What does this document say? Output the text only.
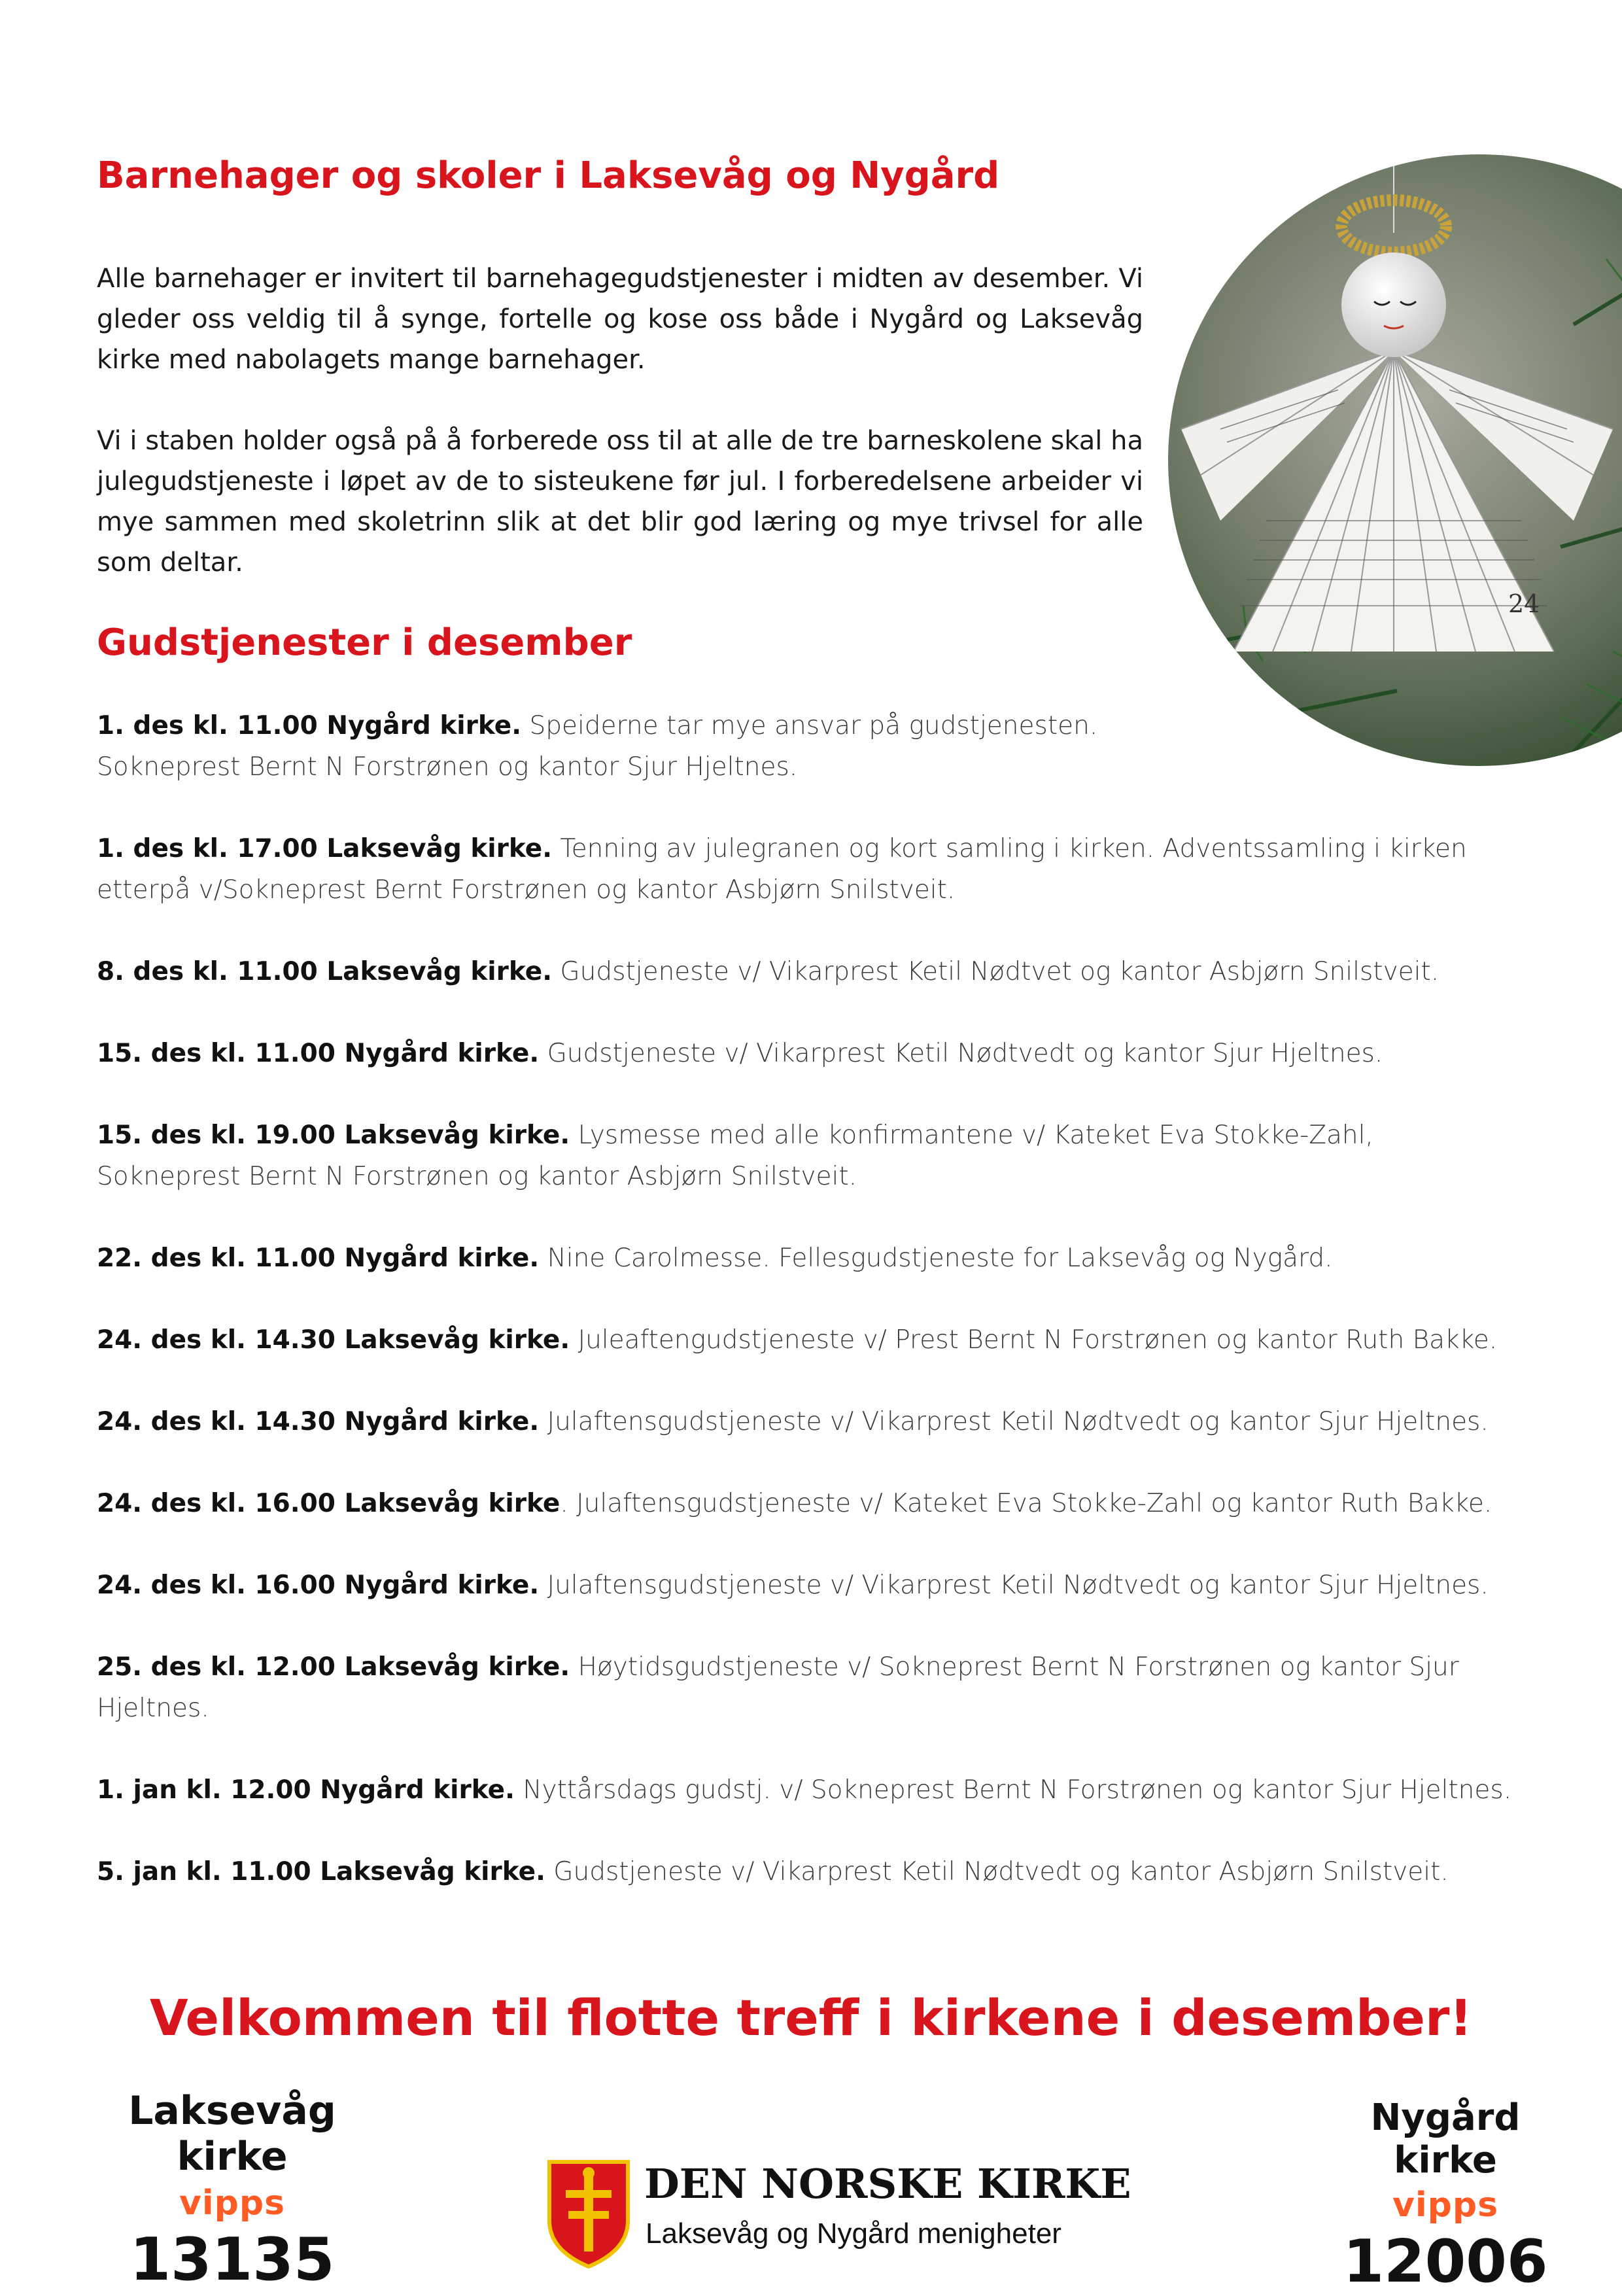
Barnehager og skoler i Laksevåg og Nygård

Alle barnehager er invitert til barnehagegudstjenester i midten av desember. Vi gleder oss veldig til å synge, fortelle og kose oss både i Nygård og Laksevåg kirke med nabolagets mange barnehager.

Vi i staben holder også på å forberede oss til at alle de tre barneskolene skal ha julegudstjeneste i løpet av de to sisteukene før jul. I forberedelsene arbeider vi mye sammen med skoletrinn slik at det blir god læring og mye trivsel for alle som deltar.

24
Gudstjenester i desember

1. des kl. 11.00 Nygård kirke. Speiderne tar mye ansvar på gudstjenesten.
Sokneprest Bernt N Forstrønen og kantor Sjur Hjeltnes.

1. des kl. 17.00 Laksevåg kirke. Tenning av julegranen og kort samling i kirken. Adventssamling i kirken etterpå v/Sokneprest Bernt Forstrønen og kantor Asbjørn Snilstveit.

8. des kl. 11.00 Laksevåg kirke. Gudstjeneste v/ Vikarprest Ketil Nødtvet og kantor Asbjørn Snilstveit.

15. des kl. 11.00 Nygård kirke. Gudstjeneste v/ Vikarprest Ketil Nødtvedt og kantor Sjur Hjeltnes.

15. des kl. 19.00 Laksevåg kirke. Lysmesse med alle konfirmantene v/ Kateket Eva Stokke-Zahl,
Sokneprest Bernt N Forstrønen og kantor Asbjørn Snilstveit.

22. des kl. 11.00 Nygård kirke. Nine Carolmesse. Fellesgudstjeneste for Laksevåg og Nygård.

24. des kl. 14.30 Laksevåg kirke. Juleaftengudstjeneste v/ Prest Bernt N Forstrønen og kantor Ruth Bakke.

24. des kl. 14.30 Nygård kirke. Julaftensgudstjeneste v/ Vikarprest Ketil Nødtvedt og kantor Sjur Hjeltnes.

24. des kl. 16.00 Laksevåg kirke. Julaftensgudstjeneste v/ Kateket Eva Stokke-Zahl og kantor Ruth Bakke.

24. des kl. 16.00 Nygård kirke. Julaftensgudstjeneste v/ Vikarprest Ketil Nødtvedt og kantor Sjur Hjeltnes.

25. des kl. 12.00 Laksevåg kirke. Høytidsgudstjeneste v/ Sokneprest Bernt N Forstrønen og kantor Sjur Hjeltnes.

1. jan kl. 12.00 Nygård kirke. Nyttårsdags gudstj. v/ Sokneprest Bernt N Forstrønen og kantor Sjur Hjeltnes.

5. jan kl. 11.00 Laksevåg kirke. Gudstjeneste v/ Vikarprest Ketil Nødtvedt og kantor Asbjørn Snilstveit.

Velkommen til flotte treff i kirkene i desember!

Laksevåg kirke
vipps
13135
DEN NORSKE KIRKE
Laksevåg og Nygård menigheter
Nygård kirke
vipps
12006
